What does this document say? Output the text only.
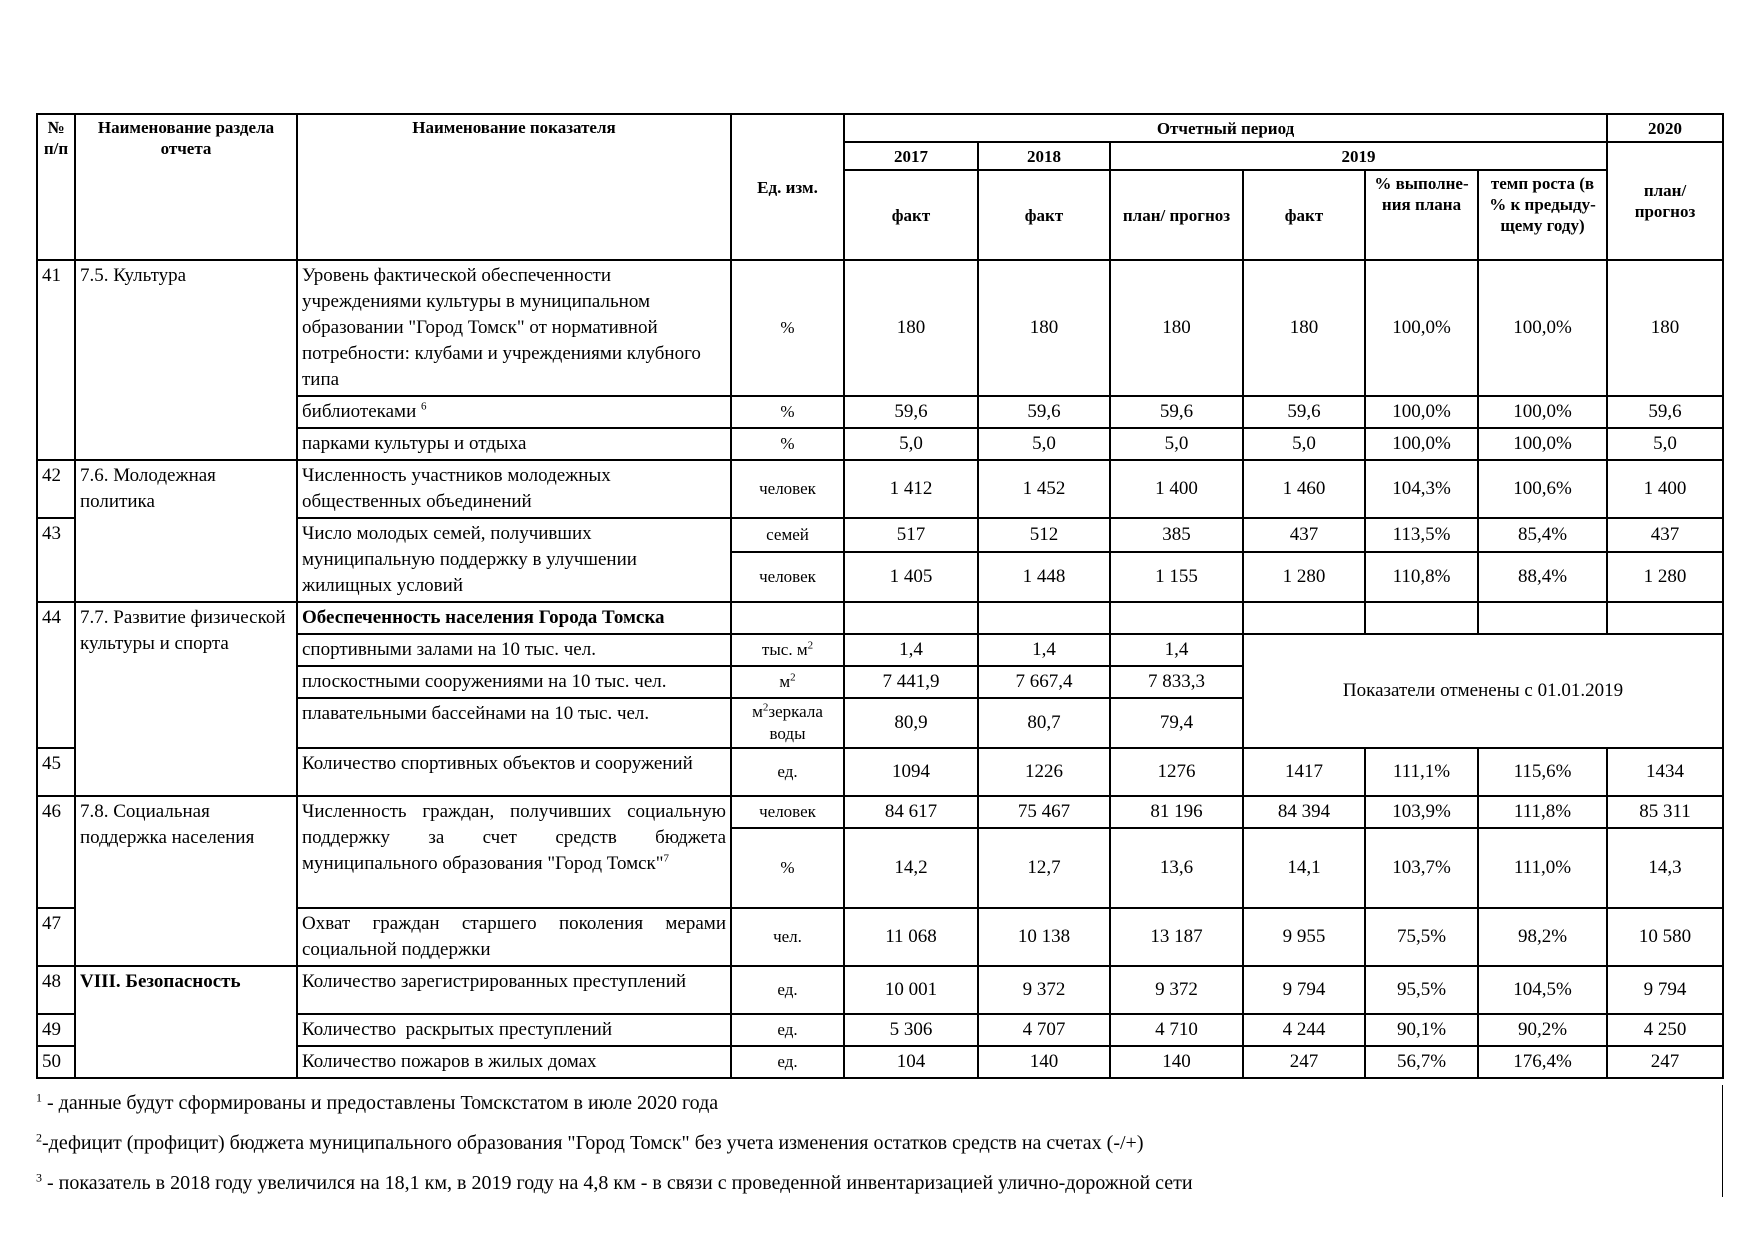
№ п/п	Наименование раздела отчета	Наименование показателя	Ед. изм.	Отчетный период						2020
				2017	2018	2019				план/ прогноз
				факт	факт	план/ прогноз	факт	% выполне-ния плана	темп роста (в % к предыду-щему году)	
41	7.5. Культура	Уровень фактической обеспеченности учреждениями культуры в муниципальном образовании "Город Томск" от нормативной потребности: клубами и учреждениями клубного типа	%	180	180	180	180	100,0%	100,0%	180
		библиотеками $^6$	%	59,6	59,6	59,6	59,6	100,0%	100,0%	59,6
		парками культуры и отдыха	%	5,0	5,0	5,0	5,0	100,0%	100,0%	5,0
42	7.6. Молодежная политика	Численность участников молодежных общественных объединений	человек	1 412	1 452	1 400	1 460	104,3%	100,6%	1 400
43		Число молодых семей, получивших муниципальную поддержку в улучшении жилищных условий	семей	517	512	385	437	113,5%	85,4%	437
			человек	1 405	1 448	1 155	1 280	110,8%	88,4%	1 280
44	7.7. Развитие физической культуры и спорта	Обеспеченность населения Города Томска								
		спортивными залами на 10 тыс. чел.	тыс. $м^2$	1,4	1,4	1,4	Показатели отменены с 01.01.2019			
		плоскостными сооружениями на 10 тыс. чел.	$м^2$	7 441,9	7 667,4	7 833,3				
		плавательными бассейнами на 10 тыс. чел.	$м^2зеркала$ воды	80,9	80,7	79,4				
45		Количество спортивных объектов и сооружений	ед.	1094	1226	1276	1417	111,1%	115,6%	1434
46	7.8. Социальная поддержка населения	Численность граждан, получивших социальную поддержку за счет средств бюджета муниципального образования "Город Томск"$^7$	человек	84 617	75 467	81 196	84 394	103,9%	111,8%	85 311
			%	14,2	12,7	13,6	14,1	103,7%	111,0%	14,3
47		Охват граждан старшего поколения мерами социальной поддержки	чел.	11 068	10 138	13 187	9 955	75,5%	98,2%	10 580
48	VIII. Безопасность	Количество зарегистрированных преступлений	ед.	10 001	9 372	9 372	9 794	95,5%	104,5%	9 794
49		Количество  раскрытых преступлений	ед.	5 306	4 707	4 710	4 244	90,1%	90,2%	4 250
50		Количество пожаров в жилых домах	ед.	104	140	140	247	56,7%	176,4%	247
$^1$ - данные будут сформированы и предоставлены Томскстатом в июле 2020 года
$^2$-дефицит (профицит) бюджета муниципального образования "Город Томск" без учета изменения остатков средств на счетах (-/+)
$^3$ - показатель в 2018 году увеличился на 18,1 км, в 2019 году на 4,8 км - в связи с проведенной инвентаризацией улично-дорожной сети
